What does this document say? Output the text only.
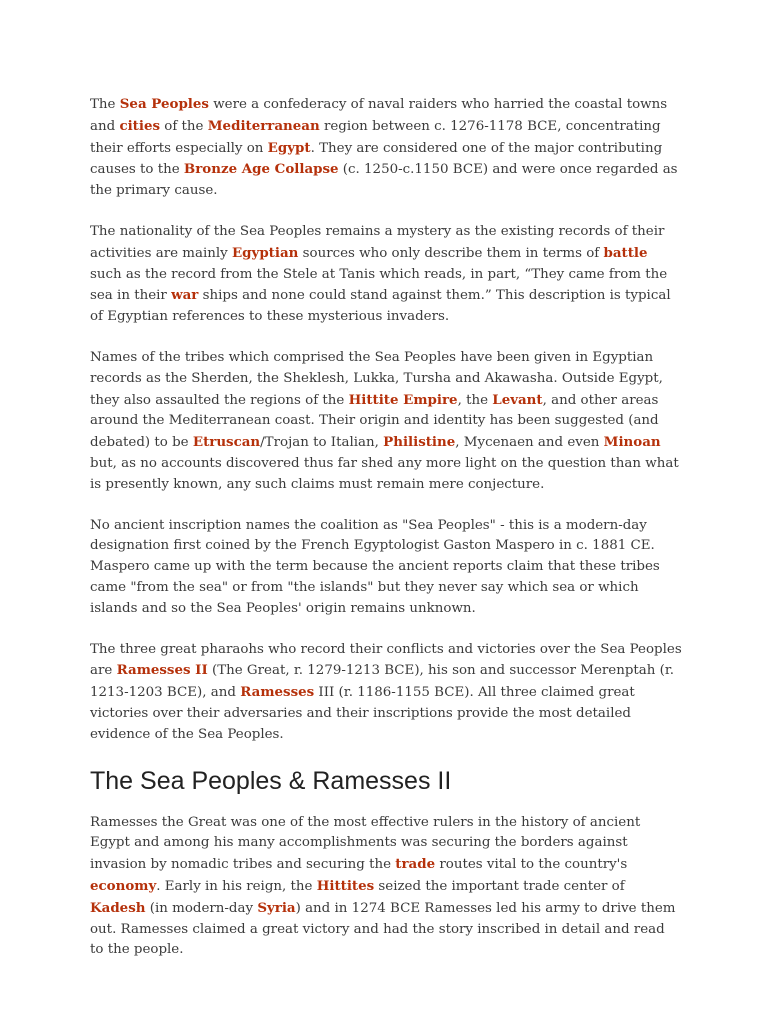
The Sea Peoples were a confederacy of naval raiders who harried the coastal towns and cities of the Mediterranean region between c. 1276-1178 BCE, concentrating their efforts especially on Egypt. They are considered one of the major contributing causes to the Bronze Age Collapse (c. 1250-c.1150 BCE) and were once regarded as the primary cause.

The nationality of the Sea Peoples remains a mystery as the existing records of their activities are mainly Egyptian sources who only describe them in terms of battle such as the record from the Stele at Tanis which reads, in part, “They came from the sea in their war ships and none could stand against them.” This description is typical of Egyptian references to these mysterious invaders.

Names of the tribes which comprised the Sea Peoples have been given in Egyptian records as the Sherden, the Sheklesh, Lukka, Tursha and Akawasha. Outside Egypt, they also assaulted the regions of the Hittite Empire, the Levant, and other areas around the Mediterranean coast. Their origin and identity has been suggested (and debated) to be Etruscan/Trojan to Italian, Philistine, Mycenaen and even Minoan but, as no accounts discovered thus far shed any more light on the question than what is presently known, any such claims must remain mere conjecture.

No ancient inscription names the coalition as "Sea Peoples" - this is a modern-day designation first coined by the French Egyptologist Gaston Maspero in c. 1881 CE. Maspero came up with the term because the ancient reports claim that these tribes came "from the sea" or from "the islands" but they never say which sea or which islands and so the Sea Peoples' origin remains unknown.

The three great pharaohs who record their conflicts and victories over the Sea Peoples are Ramesses II (The Great, r. 1279-1213 BCE), his son and successor Merenptah (r. 1213-1203 BCE), and Ramesses III (r. 1186-1155 BCE). All three claimed great victories over their adversaries and their inscriptions provide the most detailed evidence of the Sea Peoples.

The Sea Peoples & Ramesses II

Ramesses the Great was one of the most effective rulers in the history of ancient Egypt and among his many accomplishments was securing the borders against invasion by nomadic tribes and securing the trade routes vital to the country's economy. Early in his reign, the Hittites seized the important trade center of Kadesh (in modern-day Syria) and in 1274 BCE Ramesses led his army to drive them out. Ramesses claimed a great victory and had the story inscribed in detail and read to the people.
